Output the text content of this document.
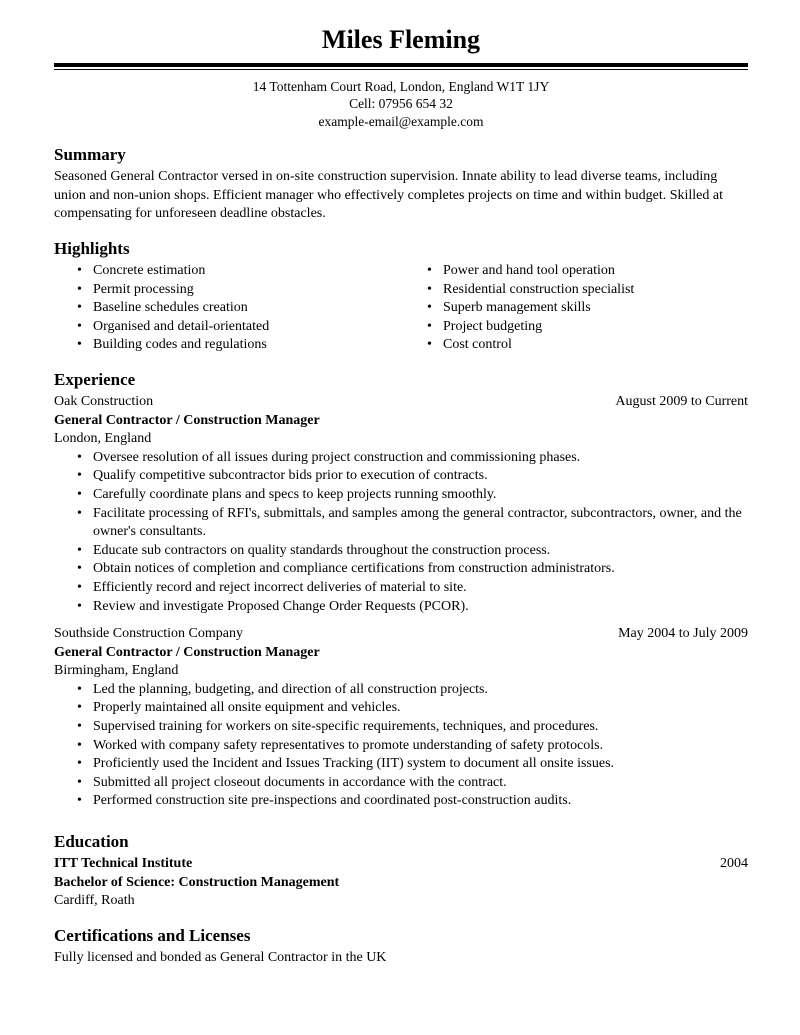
Miles Fleming
14 Tottenham Court Road, London, England W1T 1JY
Cell: 07956 654 32
example-email@example.com
Summary

Seasoned General Contractor versed in on-site construction supervision. Innate ability to lead diverse teams, including union and non-union shops. Efficient manager who effectively completes projects on time and within budget. Skilled at compensating for unforeseen deadline obstacles.

Highlights
• Concrete estimation
• Permit processing
• Baseline schedules creation
• Organised and detail-orientated
• Building codes and regulations
• Power and hand tool operation
• Residential construction specialist
• Superb management skills
• Project budgeting
• Cost control
Experience
Oak Construction	August 2009 to Current
General Contractor / Construction Manager
London, England
• Oversee resolution of all issues during project construction and commissioning phases.
• Qualify competitive subcontractor bids prior to execution of contracts.
• Carefully coordinate plans and specs to keep projects running smoothly.
• Facilitate processing of RFI's, submittals, and samples among the general contractor, subcontractors, owner, and the owner's consultants.
• Educate sub contractors on quality standards throughout the construction process.
• Obtain notices of completion and compliance certifications from construction administrators.
• Efficiently record and reject incorrect deliveries of material to site.
• Review and investigate Proposed Change Order Requests (PCOR).
Southside Construction Company	May 2004 to July 2009
General Contractor / Construction Manager
Birmingham, England
• Led the planning, budgeting, and direction of all construction projects.
• Properly maintained all onsite equipment and vehicles.
• Supervised training for workers on site-specific requirements, techniques, and procedures.
• Worked with company safety representatives to promote understanding of safety protocols.
• Proficiently used the Incident and Issues Tracking (IIT) system to document all onsite issues.
• Submitted all project closeout documents in accordance with the contract.
• Performed construction site pre-inspections and coordinated post-construction audits.
Education
ITT Technical Institute	2004
Bachelor of Science: Construction Management
Cardiff, Roath
Certifications and Licenses
Fully licensed and bonded as General Contractor in the UK
